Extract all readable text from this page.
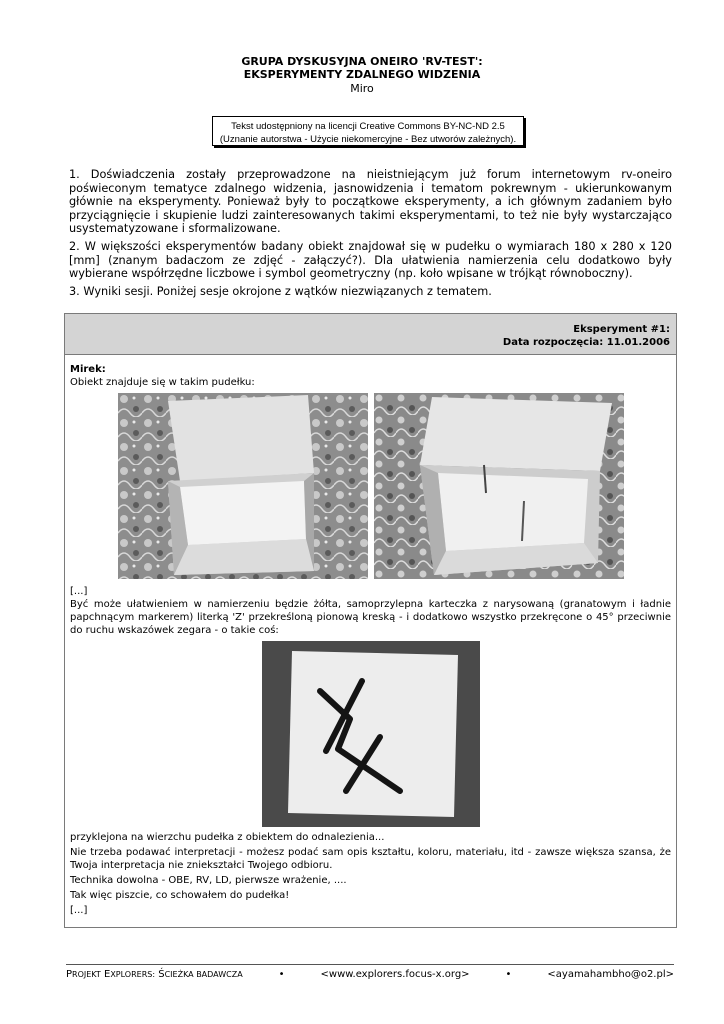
GRUPA DYSKUSYJNA ONEIRO 'RV-TEST':
EKSPERYMENTY ZDALNEGO WIDZENIA
Miro
Tekst udostępniony na licencji Creative Commons BY-NC-ND 2.5
(Uznanie autorstwa - Użycie niekomercyjne - Bez utworów zależnych).

1. Doświadczenia zostały przeprowadzone na nieistniejącym już forum internetowym rv-oneiro poświeconym tematyce zdalnego widzenia, jasnowidzenia i tematom pokrewnym - ukierunkowanym głównie na eksperymenty. Ponieważ były to początkowe eksperymenty, a ich głównym zadaniem było przyciągnięcie i skupienie ludzi zainteresowanych takimi eksperymentami, to też nie były wystarczająco usystematyzowane i sformalizowane.

2. W większości eksperymentów badany obiekt znajdował się w pudełku o wymiarach 180 x 280 x 120 [mm] (znanym badaczom ze zdjęć - załączyć?). Dla ułatwienia namierzenia celu dodatkowo były wybierane współrzędne liczbowe i symbol geometryczny (np. koło wpisane w trójkąt równoboczny).

3. Wyniki sesji. Poniżej sesje okrojone z wątków niezwiązanych z tematem.

Eksperyment #1:
Data rozpoczęcia: 11.01.2006

Mirek:

Obiekt znajduje się w takim pudełku:

[...]

Być może ułatwieniem w namierzeniu będzie żółta, samoprzylepna karteczka z narysowaną (granatowym i ładnie papchnącym markerem) literką 'Z' przekreśloną pionową kreską - i dodatkowo wszystko przekręcone o 45° przeciwnie do ruchu wskazówek zegara - o takie coś:

przyklejona na wierzchu pudełka z obiektem do odnalezienia...

Nie trzeba podawać interpretacji - możesz podać sam opis kształtu, koloru, materiału, itd - zawsze większa szansa, że Twoja interpretacja nie zniekształci Twojego odbioru.

Technika dowolna - OBE, RV, LD, pierwsze wrażenie, ....

Tak więc piszcie, co schowałem do pudełka!

[...]

PROJEKT EXPLORERS: ŚCIEŻKA BADAWCZA	•	<www.explorers.focus-x.org>	•	<ayamahambho@o2.pl>
